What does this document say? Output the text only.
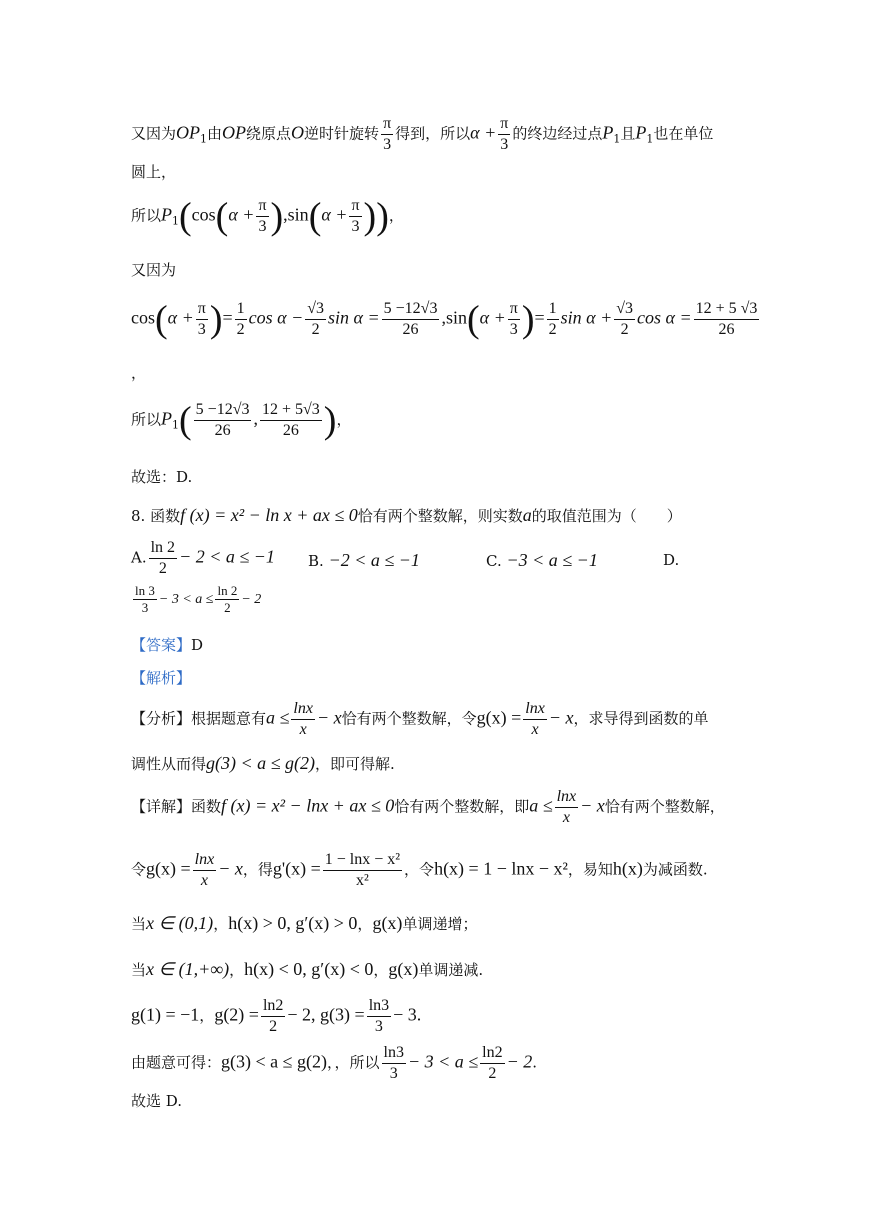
又因为$OP_1$由OP绕原点O逆时针旋转 $\frac{\pi}{3}$ 得到，所以$\alpha + \frac{\pi}{3}$ 的终边经过点$P_1$且$P_1$也在单位
圆上，
所以$P_1(\cos(\alpha + \frac{\pi}{3} ),\sin(\alpha + \frac{\pi}{3}$ ))，
又因为
$\cos(\alpha + \frac{\pi}{3}$ )= $\frac{1}{2}$ $\cos \alpha - \frac{√3}{2}$ $\sin \alpha = \frac{5 -12√3}{26} ,\sin(\alpha + \frac{\pi}{3}$ )= $\frac{1}{2}$ $\sin \alpha + \frac{√3}{2}$ $\cos \alpha = \frac{12 + 5 √3}{26}$
，
所以$P_1( \frac{5 -12√3}{26}$ , $\frac{12 + 5√3}{26}$ )，
故选：D.
8. 函数f (x) = x² − ln x + ax ≤ 0恰有两个整数解，则实数a的取值范围为（　　）
A. $\frac{\ln 2}{2} - 2 < a \le -1$ B. −2 < a ≤ −1	C. −3 < a ≤ −1	D.
$\frac{\ln 3}{3} - 3 < a \le \frac{\ln 2}{2} - 2$
【答案】D
【解析】
【分析】根据题意有$a \le \frac{\ln x}{x} - x$恰有两个整数解，令$g(x) = \frac{\ln x}{x} - x$，求导得到函数的单
调性从而得g(3) < a ≤ g(2)，即可得解.
【详解】函数f (x) = x² − lnx + ax ≤ 0恰有两个整数解，即$a \le \frac{\ln x}{x} - x$恰有两个整数解，
令$g(x) = \frac{\ln x}{x} - x$，得$g'(x) = \frac{\text{1 − lnx − x²}}{\text{x²}}$ ，令h(x) = 1 − lnx − x²，易知h(x)为减函数.
当x ∈ (0,1)，h(x) > 0, g′(x) > 0，g(x)单调递增；
当x ∈ (1,+∞)，h(x) < 0, g′(x) < 0，g(x)单调递减.
g(1) = −1，$g(2) = \frac{\ln 2}{2} - 2$, $g(3) = \frac{\ln 3}{3} - 3$.
由题意可得：g(3) < a ≤ g(2)，，所以 $\frac{\ln 3}{3} - 3 < a \le \frac{\ln 2}{2} - 2$.
故选 D.
